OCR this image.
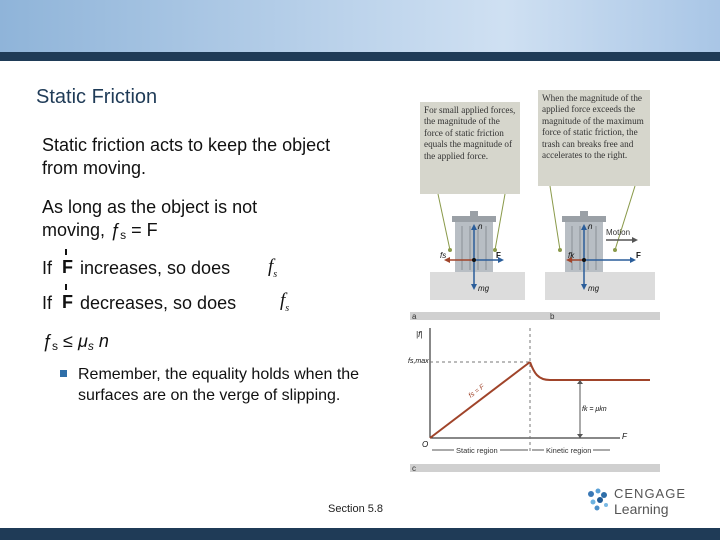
Static Friction
Static friction acts to keep the object from moving.
As long as the object is not
moving, ƒs = F
If F increases, so does $f_s$
If F decreases, so does $f_s$
ƒs ≤ μs n
Remember, the equality holds when the surfaces are on the verge of slipping.
For small applied forces, the magnitude of the force of static friction equals the magnitude of the applied force.
When the magnitude of the applied force exceeds the magnitude of the maximum force of static friction, the trash can breaks free and accelerates to the right.
a	b
c
Motion
n
mg
F
fs
n
mg
F
fk
|f|
fs,max
fk = μkn
fs = F
O
F
Static region	Kinetic region
Section 5.8
CENGAGE
Learning
